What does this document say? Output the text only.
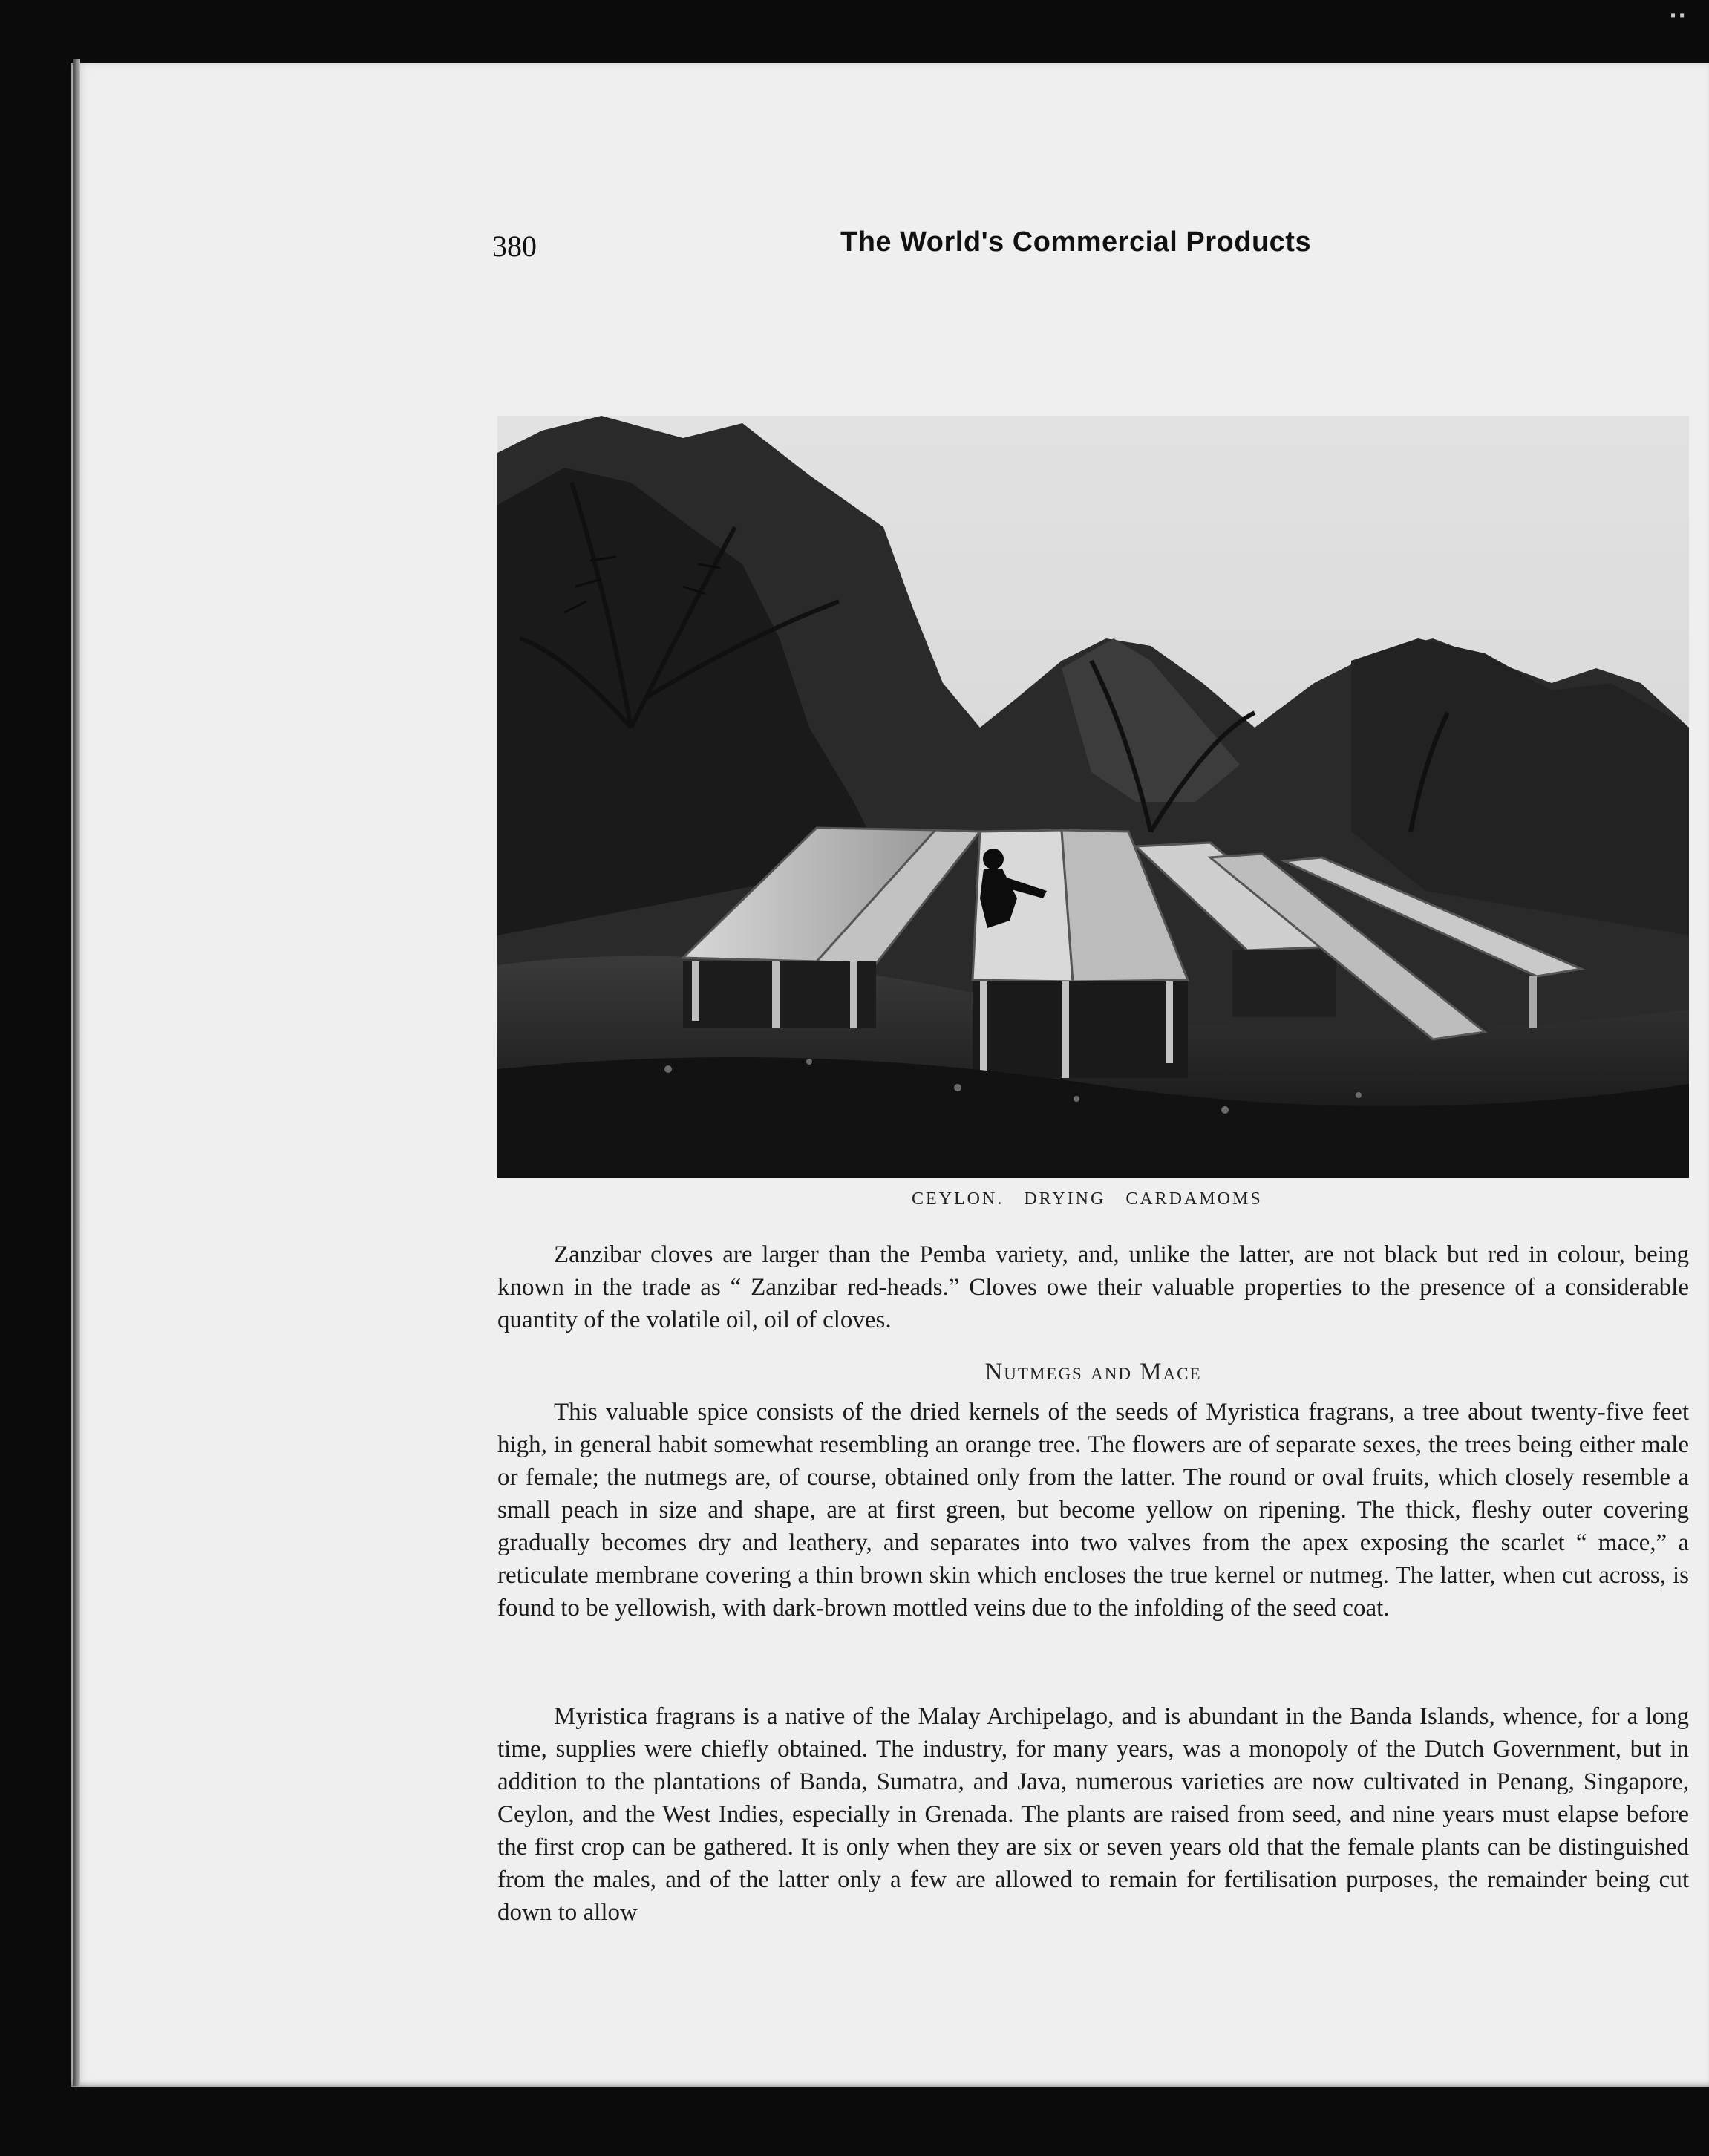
▪ ▪
380	The World's Commercial Products
CEYLON. DRYING CARDAMOMS

Zanzibar cloves are larger than the Pemba variety, and, unlike the latter, are not black but red in colour, being known in the trade as “ Zanzibar red-heads.” Cloves owe their valuable properties to the presence of a considerable quantity of the volatile oil, oil of cloves.

Nutmegs and Mace

This valuable spice consists of the dried kernels of the seeds of Myristica fragrans, a tree about twenty-five feet high, in general habit somewhat resembling an orange tree. The flowers are of separate sexes, the trees being either male or female; the nutmegs are, of course, obtained only from the latter. The round or oval fruits, which closely resemble a small peach in size and shape, are at first green, but become yellow on ripening. The thick, fleshy outer covering gradually becomes dry and leathery, and separates into two valves from the apex exposing the scarlet “ mace,” a reticulate membrane covering a thin brown skin which encloses the true kernel or nutmeg. The latter, when cut across, is found to be yellowish, with dark-brown mottled veins due to the infolding of the seed coat.

Myristica fragrans is a native of the Malay Archipelago, and is abundant in the Banda Islands, whence, for a long time, supplies were chiefly obtained. The industry, for many years, was a monopoly of the Dutch Government, but in addition to the plantations of Banda, Sumatra, and Java, numerous varieties are now cultivated in Penang, Singapore, Ceylon, and the West Indies, especially in Grenada. The plants are raised from seed, and nine years must elapse before the first crop can be gathered. It is only when they are six or seven years old that the female plants can be distinguished from the males, and of the latter only a few are allowed to remain for fertilisation purposes, the remainder being cut down to allow
